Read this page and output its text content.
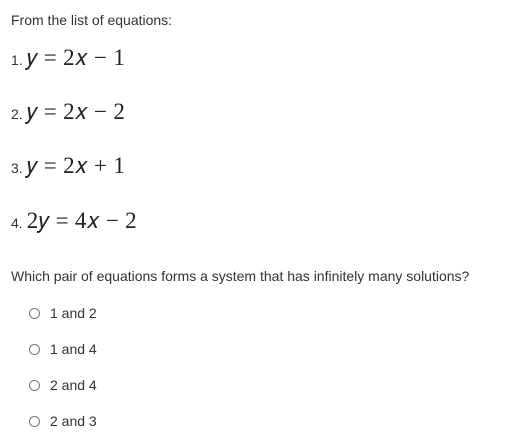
From the list of equations:
1. 𝑦 = 2𝑥 − 1
2. 𝑦 = 2𝑥 − 2
3. 𝑦 = 2𝑥 + 1
4. 2𝑦 = 4𝑥 − 2
Which pair of equations forms a system that has infinitely many solutions?
1 and 2
1 and 4
2 and 4
2 and 3
